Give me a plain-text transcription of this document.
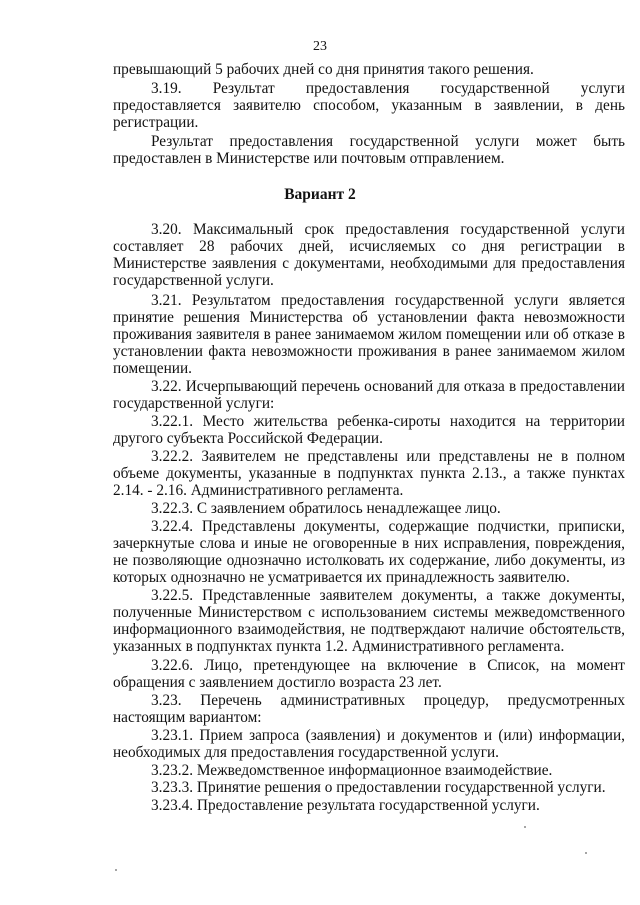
23
превышающий 5 рабочих дней со дня принятия такого решения.
3.19. Результат предоставления государственной услуги предоставляется заявителю способом, указанным в заявлении, в день регистрации.
Результат предоставления государственной услуги может быть предоставлен в Министерстве или почтовым отправлением.
Вариант 2
3.20. Максимальный срок предоставления государственной услуги составляет 28 рабочих дней, исчисляемых со дня регистрации в Министерстве заявления с документами, необходимыми для предоставления государственной услуги.
3.21. Результатом предоставления государственной услуги является принятие решения Министерства об установлении факта невозможности проживания заявителя в ранее занимаемом жилом помещении или об отказе в установлении факта невозможности проживания в ранее занимаемом жилом помещении.
3.22. Исчерпывающий перечень оснований для отказа в предоставлении государственной услуги:
3.22.1. Место жительства ребенка-сироты находится на территории другого субъекта Российской Федерации.
3.22.2. Заявителем не представлены или представлены не в полном объеме документы, указанные в подпунктах пункта 2.13., а также пунктах 2.14. - 2.16. Административного регламента.
3.22.3. С заявлением обратилось ненадлежащее лицо.
3.22.4. Представлены документы, содержащие подчистки, приписки, зачеркнутые слова и иные не оговоренные в них исправления, повреждения, не позволяющие однозначно истолковать их содержание, либо документы, из которых однозначно не усматривается их принадлежность заявителю.
3.22.5. Представленные заявителем документы, а также документы, полученные Министерством с использованием системы межведомственного информационного взаимодействия, не подтверждают наличие обстоятельств, указанных в подпунктах пункта 1.2. Административного регламента.
3.22.6. Лицо, претендующее на включение в Список, на момент обращения с заявлением достигло возраста 23 лет.
3.23. Перечень административных процедур, предусмотренных настоящим вариантом:
3.23.1. Прием запроса (заявления) и документов и (или) информации, необходимых для предоставления государственной услуги.
3.23.2. Межведомственное информационное взаимодействие.
3.23.3. Принятие решения о предоставлении государственной услуги.
3.23.4. Предоставление результата государственной услуги.
